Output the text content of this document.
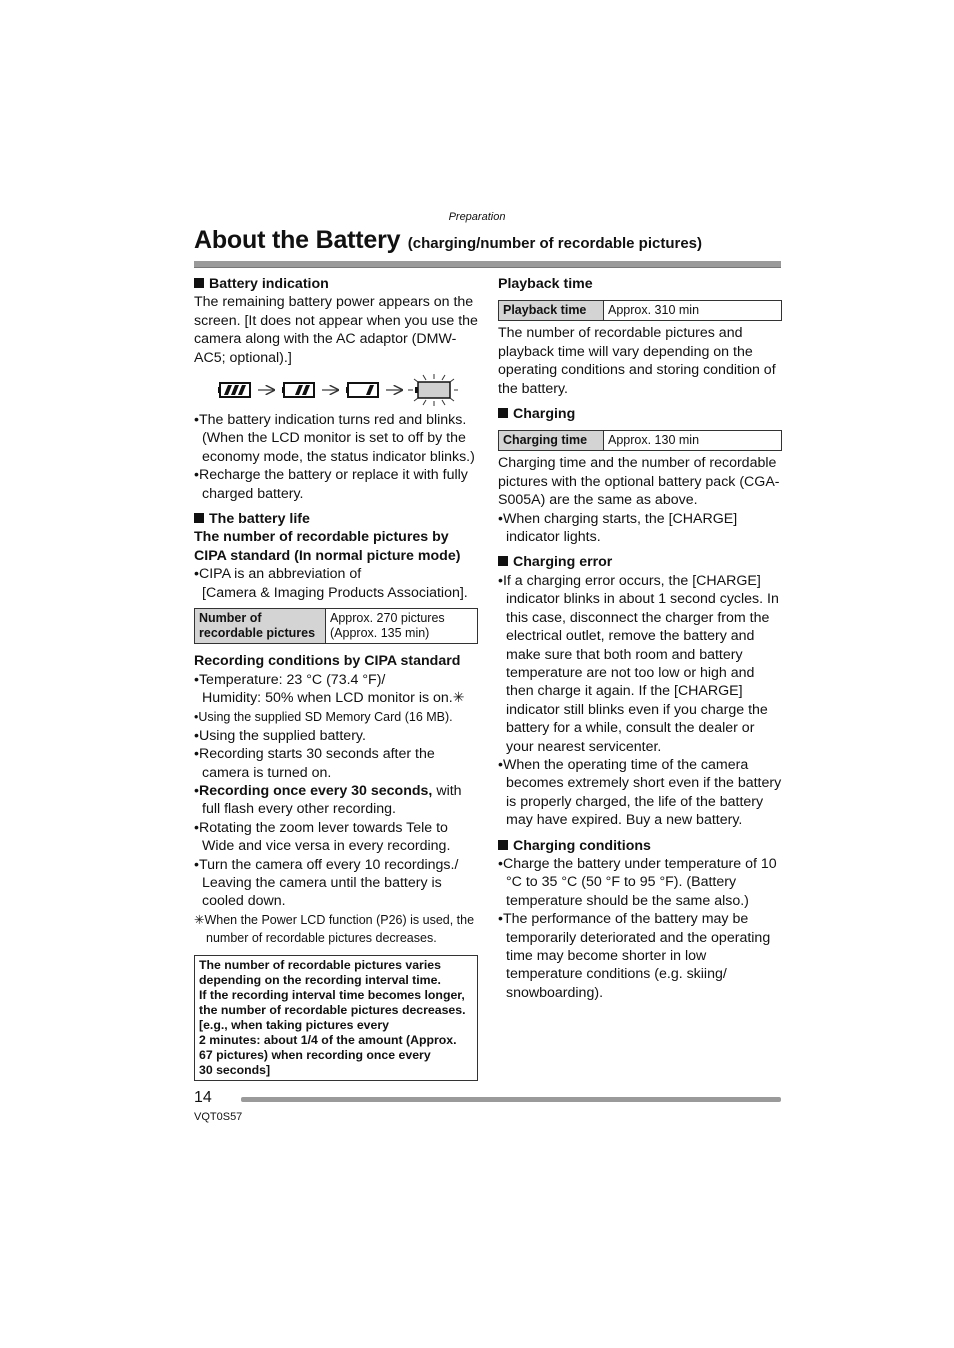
Preparation
About the Battery (charging/number of recordable pictures)

Battery indication

The remaining battery power appears on the screen. [It does not appear when you use the camera along with the AC adaptor (DMW-AC5; optional).]

•The battery indication turns red and blinks. (When the LCD monitor is set to off by the economy mode, the status indicator blinks.)

•Recharge the battery or replace it with fully charged battery.

The battery life

The number of recordable pictures by CIPA standard (In normal picture mode)

•CIPA is an abbreviation of

[Camera & Imaging Products Association].

Number of recordable pictures	Approx. 270 pictures
(Approx. 135 min)

Recording conditions by CIPA standard

•Temperature: 23 °C (73.4 °F)/

Humidity: 50% when LCD monitor is on.✳

•Using the supplied SD Memory Card (16 MB).

•Using the supplied battery.

•Recording starts 30 seconds after the camera is turned on.

•Recording once every 30 seconds, with full flash every other recording.

•Rotating the zoom lever towards Tele to Wide and vice versa in every recording.

•Turn the camera off every 10 recordings./ Leaving the camera until the battery is cooled down.

✳When the Power LCD function (P26) is used, the number of recordable pictures decreases.

The number of recordable pictures varies depending on the recording interval time.
If the recording interval time becomes longer, the number of recordable pictures decreases.
[e.g., when taking pictures every
2 minutes: about 1/4 of the amount (Approx. 67 pictures) when recording once every
30 seconds]

Playback time

Playback time	Approx. 310 min

The number of recordable pictures and playback time will vary depending on the operating conditions and storing condition of the battery.

Charging

Charging time	Approx. 130 min

Charging time and the number of recordable pictures with the optional battery pack (CGA-S005A) are the same as above.

•When charging starts, the [CHARGE] indicator lights.

Charging error

•If a charging error occurs, the [CHARGE] indicator blinks in about 1 second cycles. In this case, disconnect the charger from the electrical outlet, remove the battery and make sure that both room and battery temperature are not too low or high and then charge it again. If the [CHARGE] indicator still blinks even if you charge the battery for a while, consult the dealer or your nearest servicenter.

•When the operating time of the camera becomes extremely short even if the battery is properly charged, the life of the battery may have expired. Buy a new battery.

Charging conditions

•Charge the battery under temperature of 10 °C to 35 °C (50 °F to 95 °F). (Battery temperature should be the same also.)

•The performance of the battery may be temporarily deteriorated and the operating time may become shorter in low temperature conditions (e.g. skiing/ snowboarding).

14
VQT0S57
